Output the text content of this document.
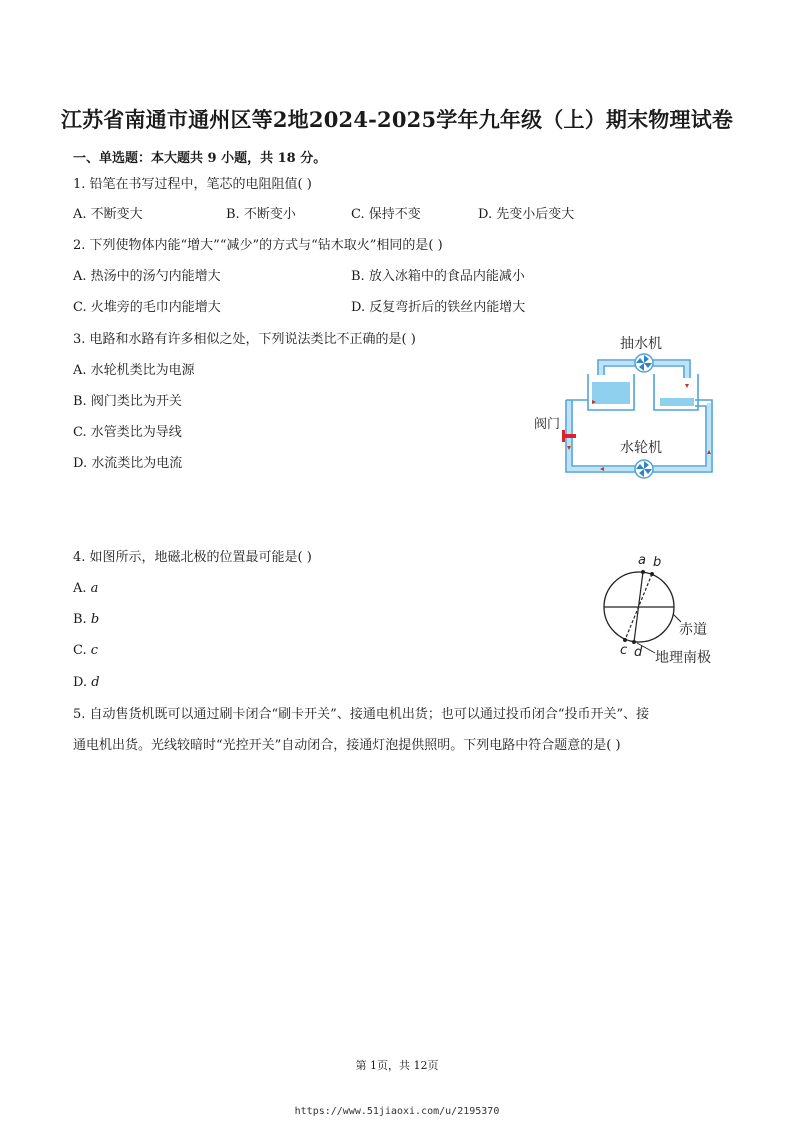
江苏省南通市通州区等2地2024-2025学年九年级（上）期末物理试卷
一、单选题：本大题共 9 小题，共 18 分。
1. 铅笔在书写过程中，笔芯的电阻阻值( )
A. 不断变大	B. 不断变小	C. 保持不变	D. 先变小后变大
2. 下列使物体内能“增大”“减少”的方式与“钻木取火”相同的是( )
A. 热汤中的汤勺内能增大	B. 放入冰箱中的食品内能减小
C. 火堆旁的毛巾内能增大	D. 反复弯折后的铁丝内能增大
3. 电路和水路有许多相似之处，下列说法类比不正确的是( )
A. 水轮机类比为电源
B. 阀门类比为开关
C. 水管类比为导线
D. 水流类比为电流
抽水机
阀门
水轮机
4. 如图所示，地磁北极的位置最可能是( )
A. a
B. b
C. c
D. d
a b
c d
赤道
地理南极
5. 自动售货机既可以通过刷卡闭合“刷卡开关”、接通电机出货；也可以通过投币闭合“投币开关”、接
通电机出货。光线较暗时“光控开关”自动闭合，接通灯泡提供照明。下列电路中符合题意的是( )
第 1页，共 12页
https://www.51jiaoxi.com/u/2195370
